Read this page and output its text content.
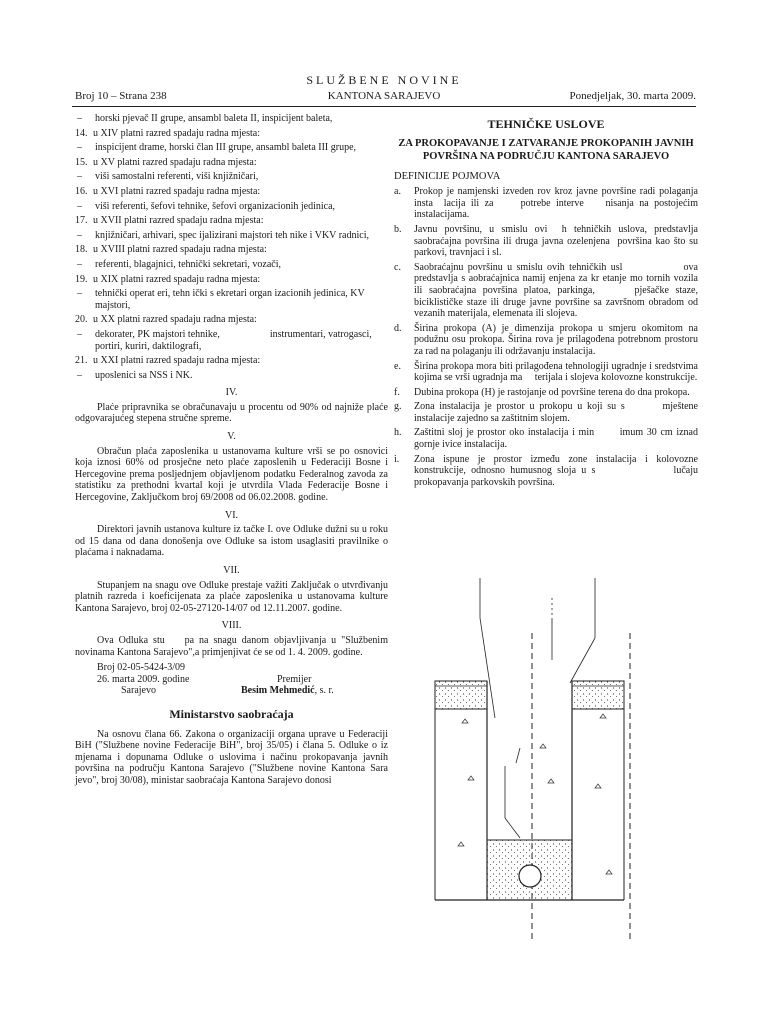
SLUŽBENE NOVINE
Broj 10 – Strana 238	KANTONA SARAJEVO	Ponedjeljak, 30. marta 2009.
–	horski pjevač II grupe, ansambl baleta II, inspicijent baleta,
14. u XIV platni razred spadaju radna mjesta:
–	inspicijent drame, horski član III grupe, ansambl baleta III grupe,
15. u XV platni razred spadaju radna mjesta:
–	viši samostalni referenti, viši knjižničari,
16. u XVI platni razred spadaju radna mjesta:
–	viši referenti, šefovi tehnike, šefovi organizacionih jedinica,
17. u XVII platni razred spadaju radna mjesta:
–	knjižničari, arhivari, spec ijalizirani majstori teh nike i VKV radnici,
18. u XVIII platni razred spadaju radna mjesta:
–	referenti, blagajnici, tehnički sekretari, vozači,
19. u XIX platni razred spadaju radna mjesta:
–	tehnički operat eri, tehn ički s ekretari organ izacionih jedinica, KV majstori,
20. u XX platni razred spadaju radna mjesta:
–	dekorater, PK majstori tehnike,                    instrumentari, vatrogasci, portiri, kuriri, daktilografi,
21. u XXI platni razred spadaju radna mjesta:
–	uposlenici sa NSS i NK.
IV.
Plaće pripravnika se obračunavaju u procentu od 90% od najniže plaće odgovarajućeg stepena stručne spreme.
V.
Obračun plaća zaposlenika u ustanovama kulture vrši se po osnovici koja iznosi 60% od prosječne neto plaće zaposlenih u Federaciji Bosne i Hercegovine prema posljednjem objavljenom podatku Federalnog zavoda za statistiku za prethodni kvartal koji je utvrdila Vlada Federacije Bosne i Hercegovine, Zaključkom broj 69/2008 od 06.02.2008. godine.
VI.
Direktori javnih ustanova kulture iz tačke I. ove Odluke dužni su u roku od 15 dana od dana donošenja ove Odluke sa istom usaglasiti pravilnike o plaćama i naknadama.
VII.
Stupanjem na snagu ove Odluke prestaje važiti Zaključak o utvrđivanju platnih razreda i koeficijenata za plaće zaposlenika u ustanovama kulture Kantona Sarajevo, broj 02-05-27120-14/07 od 12.11.2007. godine.
VIII.
Ova Odluka stu    pa na snagu danom objavljivanja u "Službenim novinama Kantona Sarajevo",a primjenjivat će se od 1. 4. 2009. godine.
Broj 02-05-5424-3/09
26. marta 2009. godine	Premijer
Sarajevo	Besim Mehmedić, s. r.
Ministarstvo saobraćaja
Na osnovu člana 66. Zakona o organizaciji organa uprave u Federaciji BiH ("Službene novine Federacije BiH", broj 35/05) i člana 5. Odluke o iz mjenama i dopunama Odluke o uslovima i načinu prokopavanja javnih površina na području Kantona Sarajevo ("Službene novine Kantona Sara    jevo", broj 30/08), ministar saobraćaja Kantona Sarajevo donosi
TEHNIČKE USLOVE
ZA PROKOPAVANJE I ZATVARANJE PROKOPANIH JAVNIH POVRŠINA NA PODRUČJU KANTONA SARAJEVO
DEFINICIJE POJMOVA
a.	Prokop je namjenski izveden rov kroz javne površine radi polaganja insta  lacija ili za     potrebe interve    nisanja na postojećim instalacijama.
b.	Javnu površinu, u smislu ovi  h tehničkih uslova, predstavlja saobraćajna površina ili druga javna ozelenjena  površina kao što su parkovi, travnjaci i sl.
c.	Saobraćajnu površinu u smislu ovih tehničkih usl              ova predstavlja s aobraćajnica namij enjena za kr etanje mo tornih vozila ili saobraćajna površina platoa, parkinga,      pješačke staze, biciklističke staze ili druge javne površine sa završnom obradom od vezanih materijala, elemenata ili slojeva.
d.	Širina prokopa (A) je dimenzija prokopa u smjeru okomitom na podužnu osu prokopa. Širina rova je prilagođena potrebnom prostoru za rad na polaganju ili održavanju instalacija.
e.	Širina prokopa mora biti prilagođena tehnologiji ugradnje i sredstvima kojima se vrši ugradnja ma     terijala i slojeva kolovozne konstrukcije.
f.	Dubina prokopa (H) je rastojanje od površine terena do dna prokopa.
g.	Zona instalacija je prostor u prokopu u koji su s        mještene instalacije zajedno sa zaštitnim slojem.
h.	Zaštitni sloj je prostor oko instalacija i min       imum 30 cm iznad gornje ivice instalacija.
i.	Zona ispune je prostor između zone instalacija i kolovozne konstrukcije, odnosno humusnog sloja u s               lučaju prokopavanja parkovskih površina.
